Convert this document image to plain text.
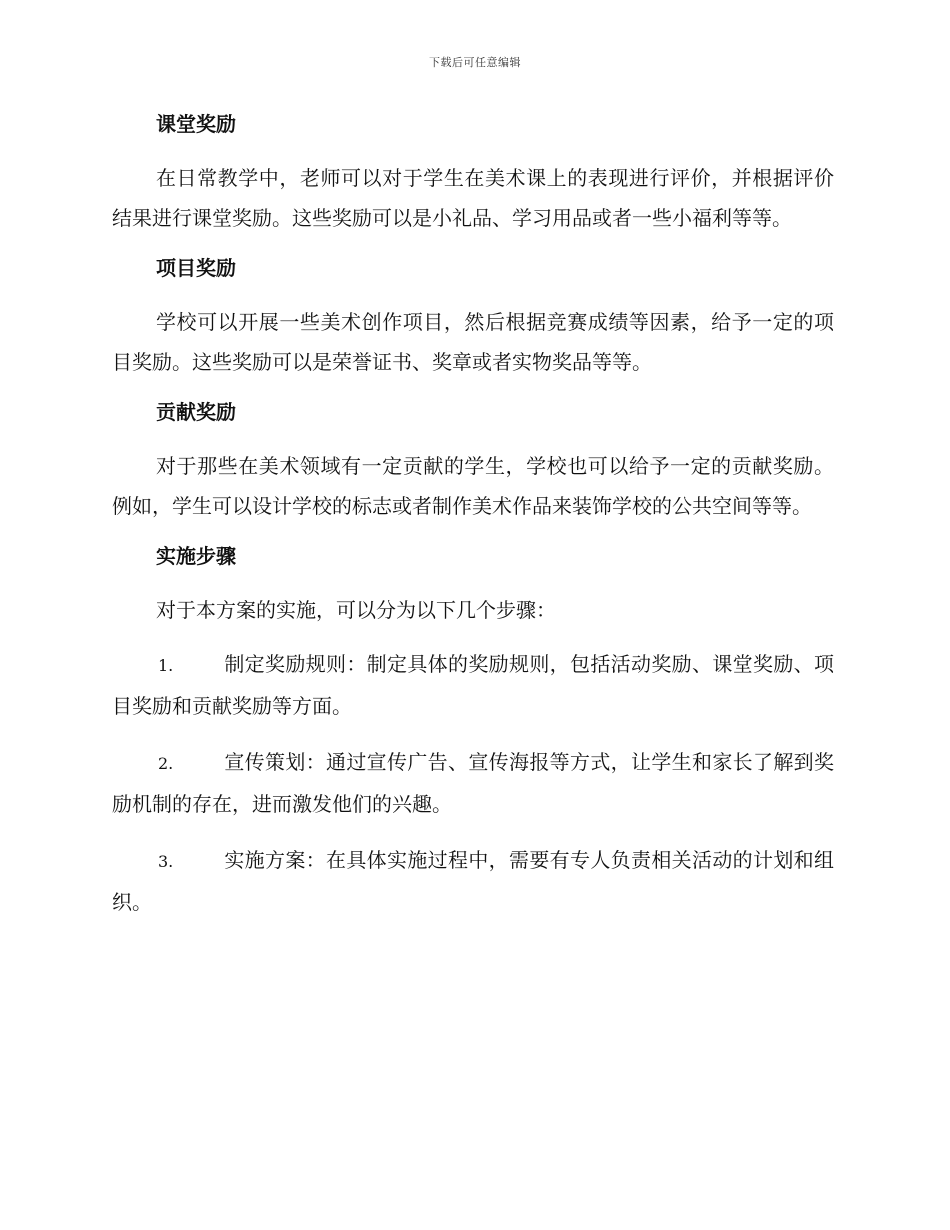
下载后可任意编辑
课堂奖励

在日常教学中，老师可以对于学生在美术课上的表现进行评价，并根据评价结果进行课堂奖励。这些奖励可以是小礼品、学习用品或者一些小福利等等。

项目奖励

学校可以开展一些美术创作项目，然后根据竞赛成绩等因素，给予一定的项目奖励。这些奖励可以是荣誉证书、奖章或者实物奖品等等。

贡献奖励

对于那些在美术领域有一定贡献的学生，学校也可以给予一定的贡献奖励。例如，学生可以设计学校的标志或者制作美术作品来装饰学校的公共空间等等。

实施步骤

对于本方案的实施，可以分为以下几个步骤：

1.	制定奖励规则：制定具体的奖励规则，包括活动奖励、课堂奖励、项目奖励和贡献奖励等方面。

2.	宣传策划：通过宣传广告、宣传海报等方式，让学生和家长了解到奖励机制的存在，进而激发他们的兴趣。

3.	实施方案：在具体实施过程中，需要有专人负责相关活动的计划和组织。
